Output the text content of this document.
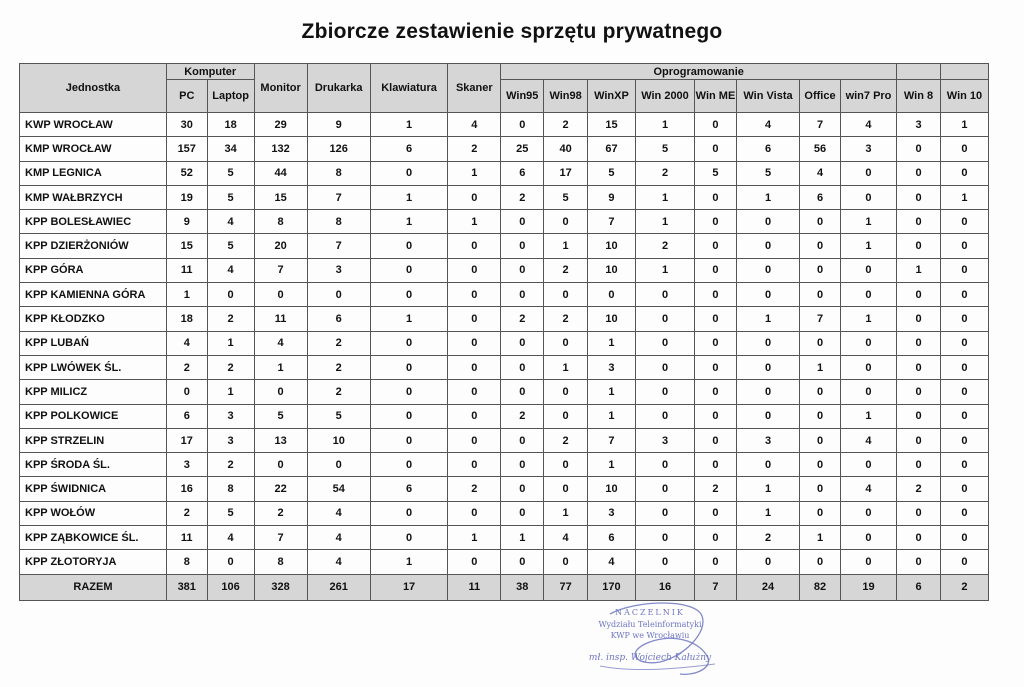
Zbiorcze zestawienie sprzętu prywatnego
Jednostka	Komputer		Monitor	Drukarka	Klawiatura	Skaner	Oprogramowanie									
	PC	Laptop					Win95	Win98	WinXP	Win 2000	Win ME	Win Vista	Office	win7 Pro	Win 8	Win 10
KWP WROCŁAW	30	18	29	9	1	4	0	2	15	1	0	4	7	4	3	1
KMP WROCŁAW	157	34	132	126	6	2	25	40	67	5	0	6	56	3	0	0
KMP LEGNICA	52	5	44	8	0	1	6	17	5	2	5	5	4	0	0	0
KMP WAŁBRZYCH	19	5	15	7	1	0	2	5	9	1	0	1	6	0	0	1
KPP BOLESŁAWIEC	9	4	8	8	1	1	0	0	7	1	0	0	0	1	0	0
KPP DZIERŻONIÓW	15	5	20	7	0	0	0	1	10	2	0	0	0	1	0	0
KPP GÓRA	11	4	7	3	0	0	0	2	10	1	0	0	0	0	1	0
KPP KAMIENNA GÓRA	1	0	0	0	0	0	0	0	0	0	0	0	0	0	0	0
KPP KŁODZKO	18	2	11	6	1	0	2	2	10	0	0	1	7	1	0	0
KPP LUBAŃ	4	1	4	2	0	0	0	0	1	0	0	0	0	0	0	0
KPP LWÓWEK ŚL.	2	2	1	2	0	0	0	1	3	0	0	0	1	0	0	0
KPP MILICZ	0	1	0	2	0	0	0	0	1	0	0	0	0	0	0	0
KPP POLKOWICE	6	3	5	5	0	0	2	0	1	0	0	0	0	1	0	0
KPP STRZELIN	17	3	13	10	0	0	0	2	7	3	0	3	0	4	0	0
KPP ŚRODA ŚL.	3	2	0	0	0	0	0	0	1	0	0	0	0	0	0	0
KPP ŚWIDNICA	16	8	22	54	6	2	0	0	10	0	2	1	0	4	2	0
KPP WOŁÓW	2	5	2	4	0	0	0	1	3	0	0	1	0	0	0	0
KPP ZĄBKOWICE ŚL.	11	4	7	4	0	1	1	4	6	0	0	2	1	0	0	0
KPP ZŁOTORYJA	8	0	8	4	1	0	0	0	4	0	0	0	0	0	0	0
RAZEM	381	106	328	261	17	11	38	77	170	16	7	24	82	19	6	2
NACZELNIK
Wydziału Teleinformatyki
KWP we Wrocławiu
mł. insp. Wojciech Kałużny
